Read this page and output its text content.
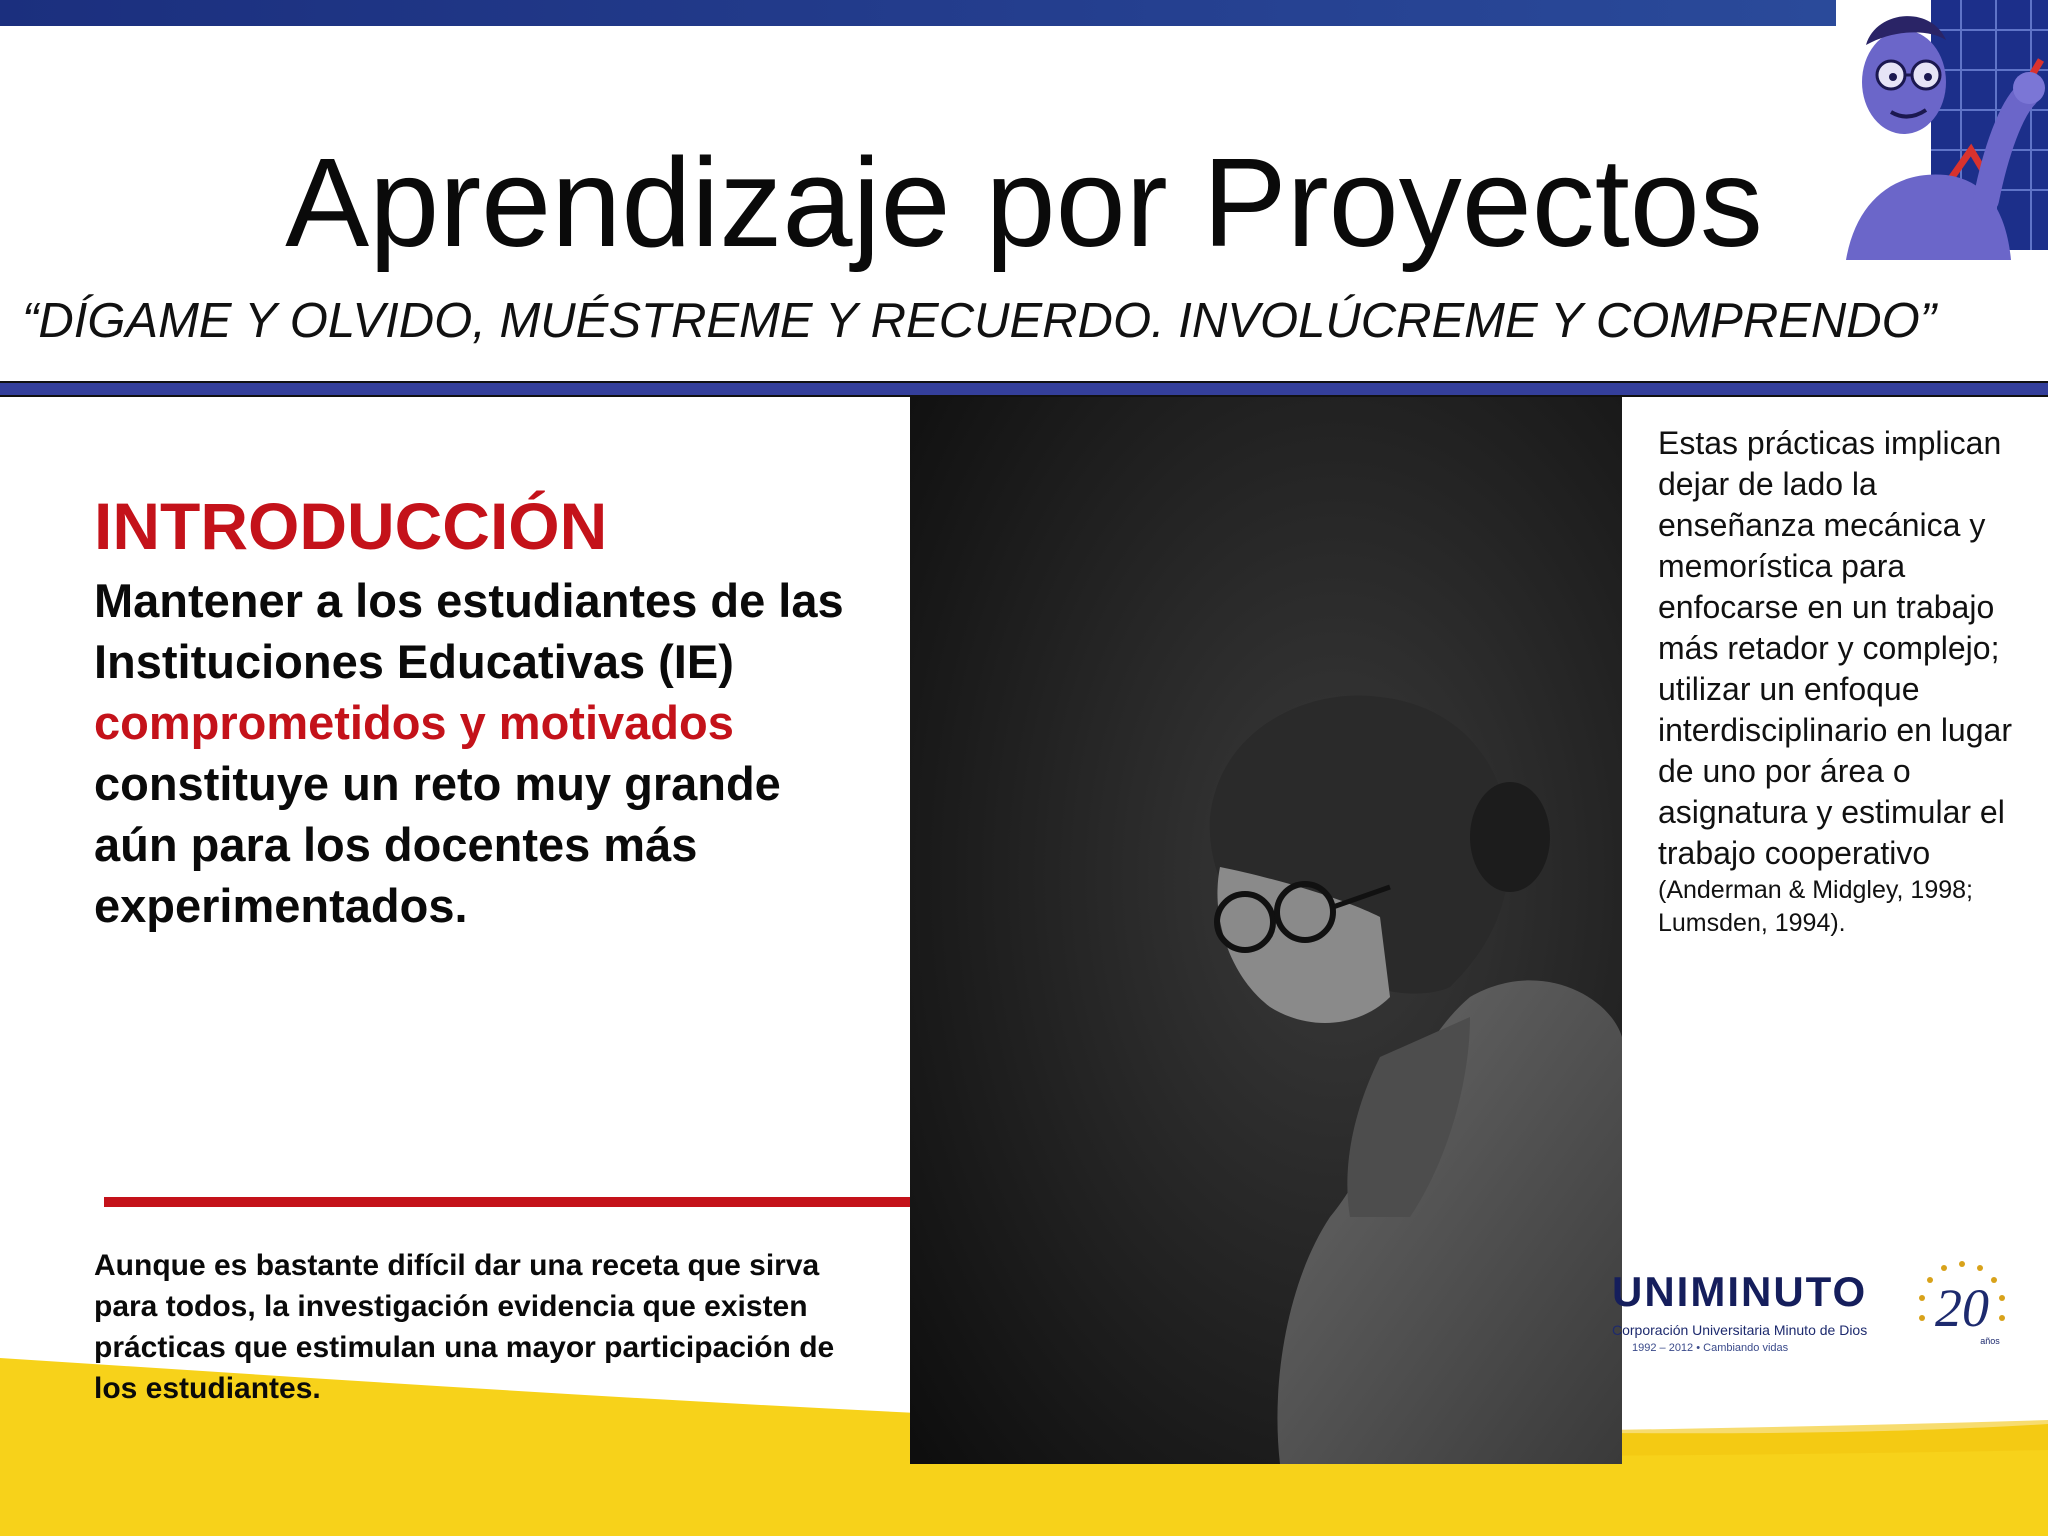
Aprendizaje por Proyectos
“DÍGAME Y OLVIDO, MUÉSTREME Y RECUERDO. INVOLÚCREME Y COMPRENDO”
INTRODUCCIÓN

Mantener a los estudiantes de las Instituciones Educativas (IE) comprometidos y motivados constituye un reto muy grande aún para los docentes más experimentados.

Aunque es bastante difícil dar una receta que sirva para todos, la investigación evidencia que existen prácticas que estimulan una mayor participación de los estudiantes.
Estas prácticas implican dejar de lado la enseñanza mecánica y memorística para enfocarse en un trabajo más retador y complejo; utilizar un enfoque interdisciplinario en lugar de uno por área o asignatura y estimular el trabajo cooperativo
(Anderman & Midgley, 1998; Lumsden, 1994).
UNIMINUTO
Corporación Universitaria Minuto de Dios
1992 – 2012 • Cambiando vidas
20
años
